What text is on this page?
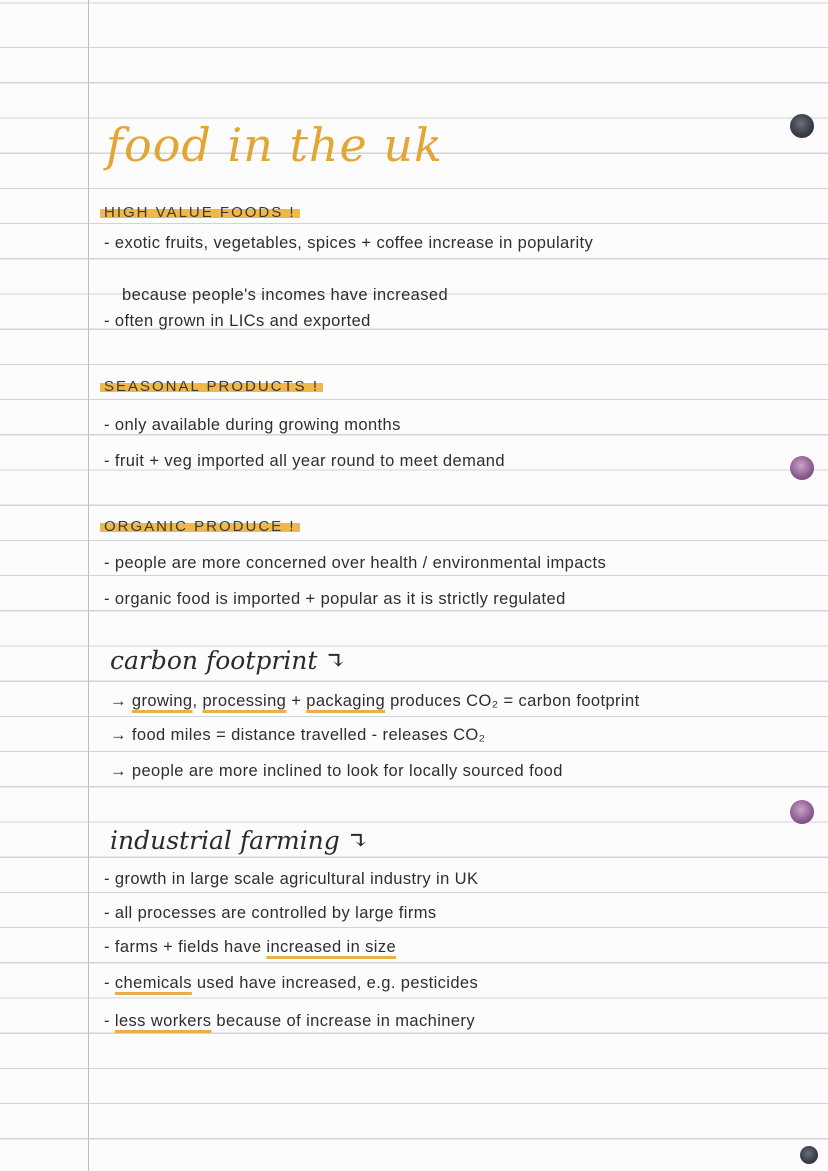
food in the uk
HIGH VALUE FOODS !
- exotic fruits, vegetables, spices + coffee increase in popularity
because people's incomes have increased
- often grown in LICs and exported
SEASONAL PRODUCTS !
- only available during growing months
- fruit + veg imported all year round to meet demand
ORGANIC PRODUCE !
- people are more concerned over health / environmental impacts
- organic food is imported + popular as it is strictly regulated
carbon footprint ↴
→ growing, processing + packaging produces CO₂ = carbon footprint
→ food miles = distance travelled - releases CO₂
→ people are more inclined to look for locally sourced food
industrial farming ↴
- growth in large scale agricultural industry in UK
- all processes are controlled by large firms
- farms + fields have increased in size
- chemicals used have increased, e.g. pesticides
- less workers because of increase in machinery
